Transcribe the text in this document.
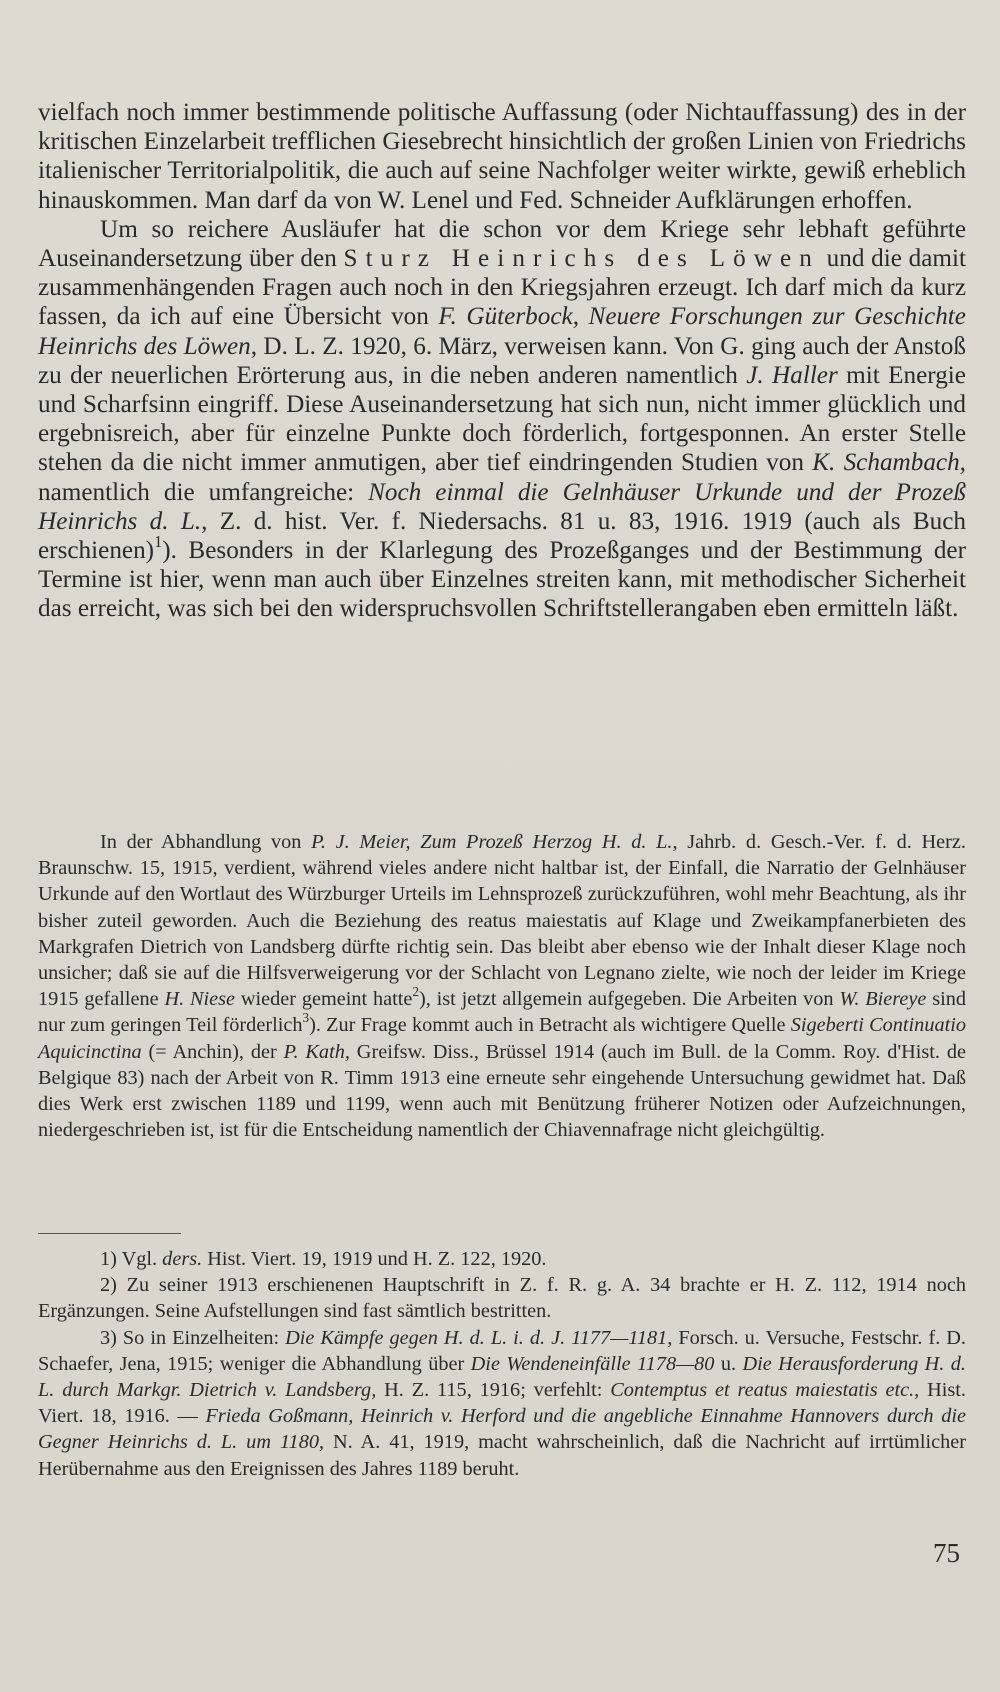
vielfach noch immer bestimmende politische Auffassung (oder Nichtauffassung) des in der kritischen Einzelarbeit trefflichen Giesebrecht hinsichtlich der großen Linien von Friedrichs italienischer Territorialpolitik, die auch auf seine Nachfolger weiter wirkte, gewiß erheblich hinauskommen. Man darf da von W. Lenel und Fed. Schneider Aufklärungen erhoffen.

Um so reichere Ausläufer hat die schon vor dem Kriege sehr lebhaft geführte Auseinandersetzung über den Sturz Heinrichs des Löwen und die damit zusammenhängenden Fragen auch noch in den Kriegsjahren erzeugt. Ich darf mich da kurz fassen, da ich auf eine Übersicht von F. Güterbock, Neuere Forschungen zur Geschichte Heinrichs des Löwen, D. L. Z. 1920, 6. März, verweisen kann. Von G. ging auch der Anstoß zu der neuerlichen Erörterung aus, in die neben anderen namentlich J. Haller mit Energie und Scharfsinn eingriff. Diese Auseinandersetzung hat sich nun, nicht immer glücklich und ergebnisreich, aber für einzelne Punkte doch förderlich, fortgesponnen. An erster Stelle stehen da die nicht immer anmutigen, aber tief eindringenden Studien von K. Schambach, namentlich die umfangreiche: Noch einmal die Gelnhäuser Urkunde und der Prozeß Heinrichs d. L., Z. d. hist. Ver. f. Niedersachs. 81 u. 83, 1916. 1919 (auch als Buch erschienen)$^1$). Besonders in der Klarlegung des Prozeßganges und der Bestimmung der Termine ist hier, wenn man auch über Einzelnes streiten kann, mit methodischer Sicherheit das erreicht, was sich bei den widerspruchsvollen Schriftstellerangaben eben ermitteln läßt.

In der Abhandlung von P. J. Meier, Zum Prozeß Herzog H. d. L., Jahrb. d. Gesch.-Ver. f. d. Herz. Braunschw. 15, 1915, verdient, während vieles andere nicht haltbar ist, der Einfall, die Narratio der Gelnhäuser Urkunde auf den Wortlaut des Würzburger Urteils im Lehnsprozeß zurückzuführen, wohl mehr Beachtung, als ihr bisher zuteil geworden. Auch die Beziehung des reatus maiestatis auf Klage und Zweikampfanerbieten des Markgrafen Dietrich von Landsberg dürfte richtig sein. Das bleibt aber ebenso wie der Inhalt dieser Klage noch unsicher; daß sie auf die Hilfsverweigerung vor der Schlacht von Legnano zielte, wie noch der leider im Kriege 1915 gefallene H. Niese wieder gemeint hatte$^2$), ist jetzt allgemein aufgegeben. Die Arbeiten von W. Biereye sind nur zum geringen Teil förderlich$^3$). Zur Frage kommt auch in Betracht als wichtigere Quelle Sigeberti Continuatio Aquicinctina (= Anchin), der P. Kath, Greifsw. Diss., Brüssel 1914 (auch im Bull. de la Comm. Roy. d'Hist. de Belgique 83) nach der Arbeit von R. Timm 1913 eine erneute sehr eingehende Untersuchung gewidmet hat. Daß dies Werk erst zwischen 1189 und 1199, wenn auch mit Benützung früherer Notizen oder Aufzeichnungen, niedergeschrieben ist, ist für die Entscheidung namentlich der Chiavennafrage nicht gleichgültig.

1) Vgl. ders. Hist. Viert. 19, 1919 und H. Z. 122, 1920.

2) Zu seiner 1913 erschienenen Hauptschrift in Z. f. R. g. A. 34 brachte er H. Z. 112, 1914 noch Ergänzungen. Seine Aufstellungen sind fast sämtlich bestritten.

3) So in Einzelheiten: Die Kämpfe gegen H. d. L. i. d. J. 1177—1181, Forsch. u. Versuche, Festschr. f. D. Schaefer, Jena, 1915; weniger die Abhandlung über Die Wendeneinfälle 1178—80 u. Die Herausforderung H. d. L. durch Markgr. Dietrich v. Landsberg, H. Z. 115, 1916; verfehlt: Contemptus et reatus maiestatis etc., Hist. Viert. 18, 1916. — Frieda Goßmann, Heinrich v. Herford und die angebliche Einnahme Hannovers durch die Gegner Heinrichs d. L. um 1180, N. A. 41, 1919, macht wahrscheinlich, daß die Nachricht auf irrtümlicher Herübernahme aus den Ereignissen des Jahres 1189 beruht.

75
